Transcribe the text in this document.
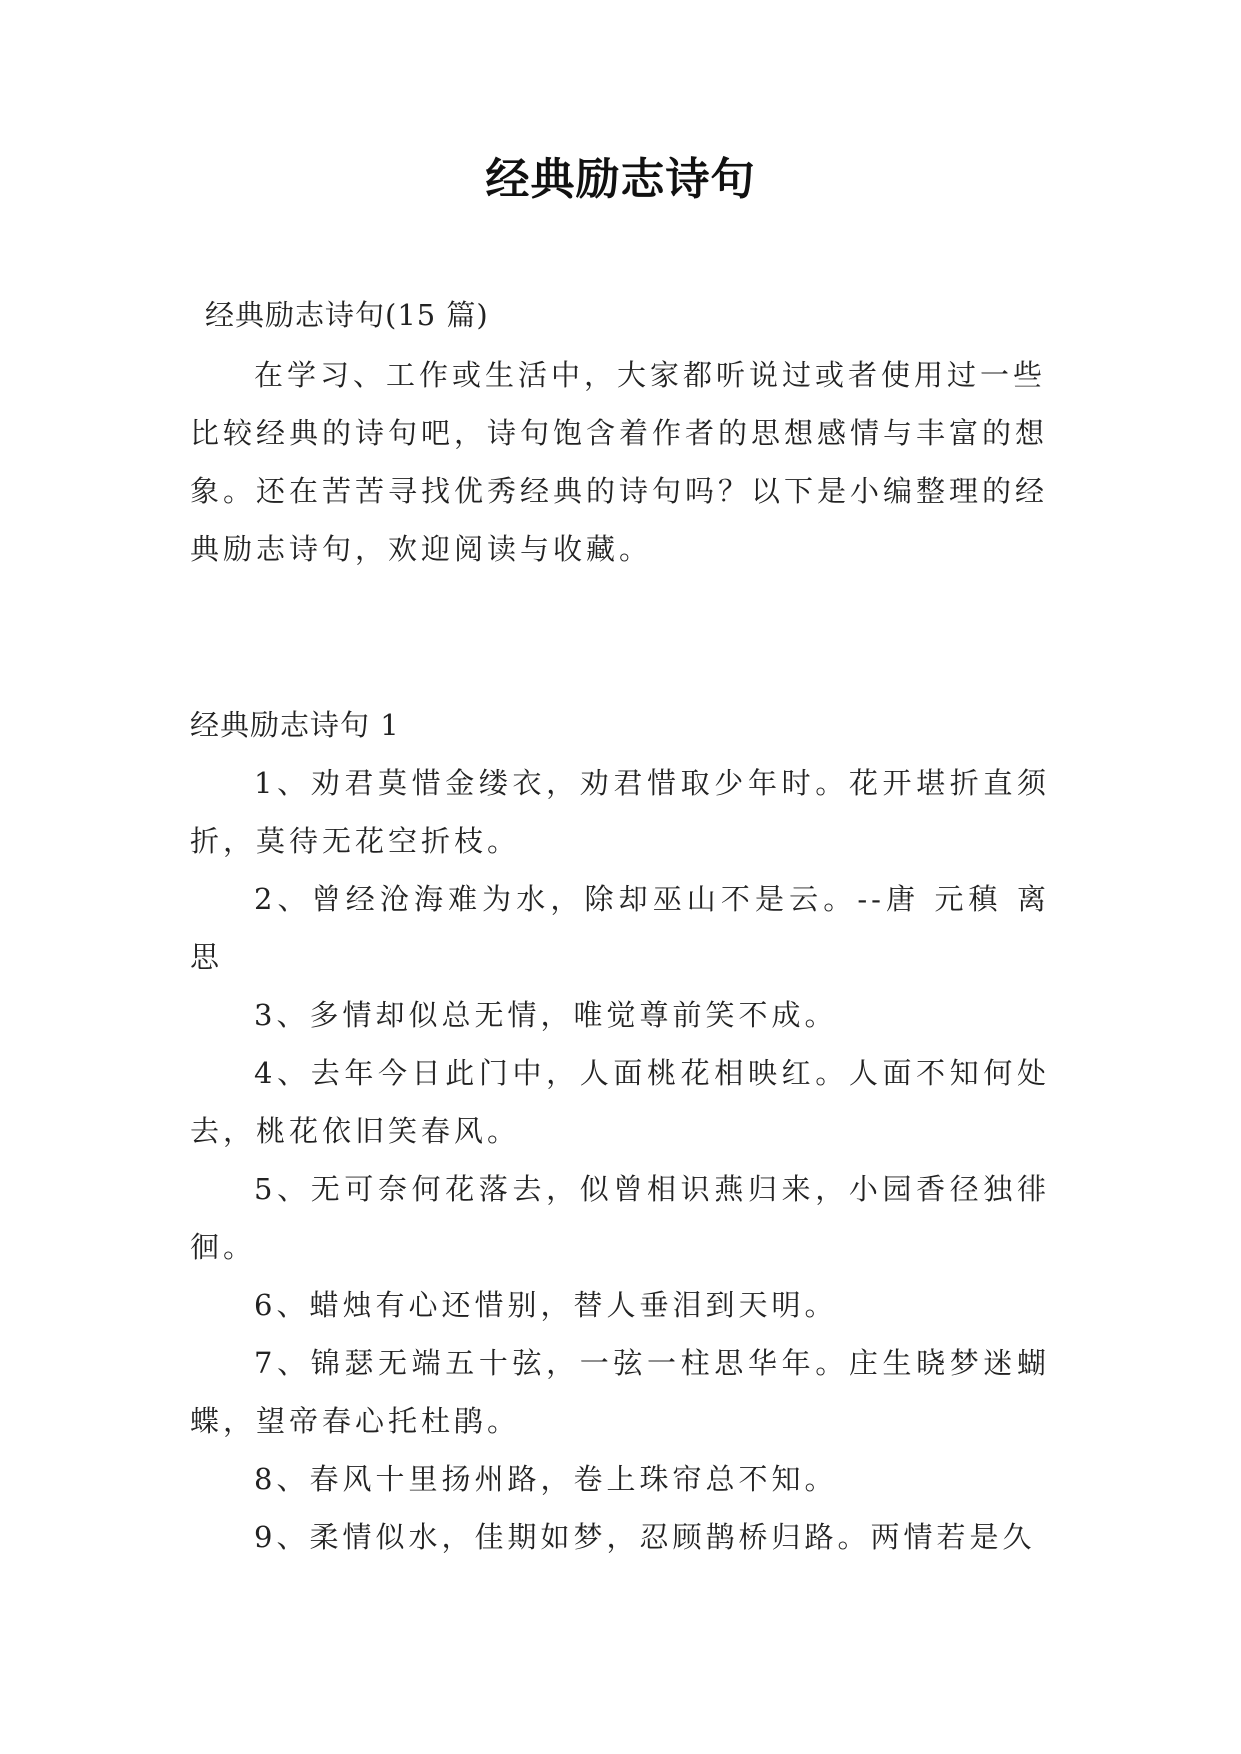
经典励志诗句
经典励志诗句(15 篇)
在学习、工作或生活中，大家都听说过或者使用过一些比较经典的诗句吧，诗句饱含着作者的思想感情与丰富的想象。还在苦苦寻找优秀经典的诗句吗？以下是小编整理的经典励志诗句，欢迎阅读与收藏。
经典励志诗句 1
1、劝君莫惜金缕衣，劝君惜取少年时。花开堪折直须折，莫待无花空折枝。
2、曾经沧海难为水，除却巫山不是云。--唐 元稹 离思
3、多情却似总无情，唯觉尊前笑不成。
4、去年今日此门中，人面桃花相映红。人面不知何处去，桃花依旧笑春风。
5、无可奈何花落去，似曾相识燕归来，小园香径独徘徊。
6、蜡烛有心还惜别，替人垂泪到天明。
7、锦瑟无端五十弦，一弦一柱思华年。庄生晓梦迷蝴蝶，望帝春心托杜鹃。
8、春风十里扬州路，卷上珠帘总不知。
9、柔情似水，佳期如梦，忍顾鹊桥归路。两情若是久
